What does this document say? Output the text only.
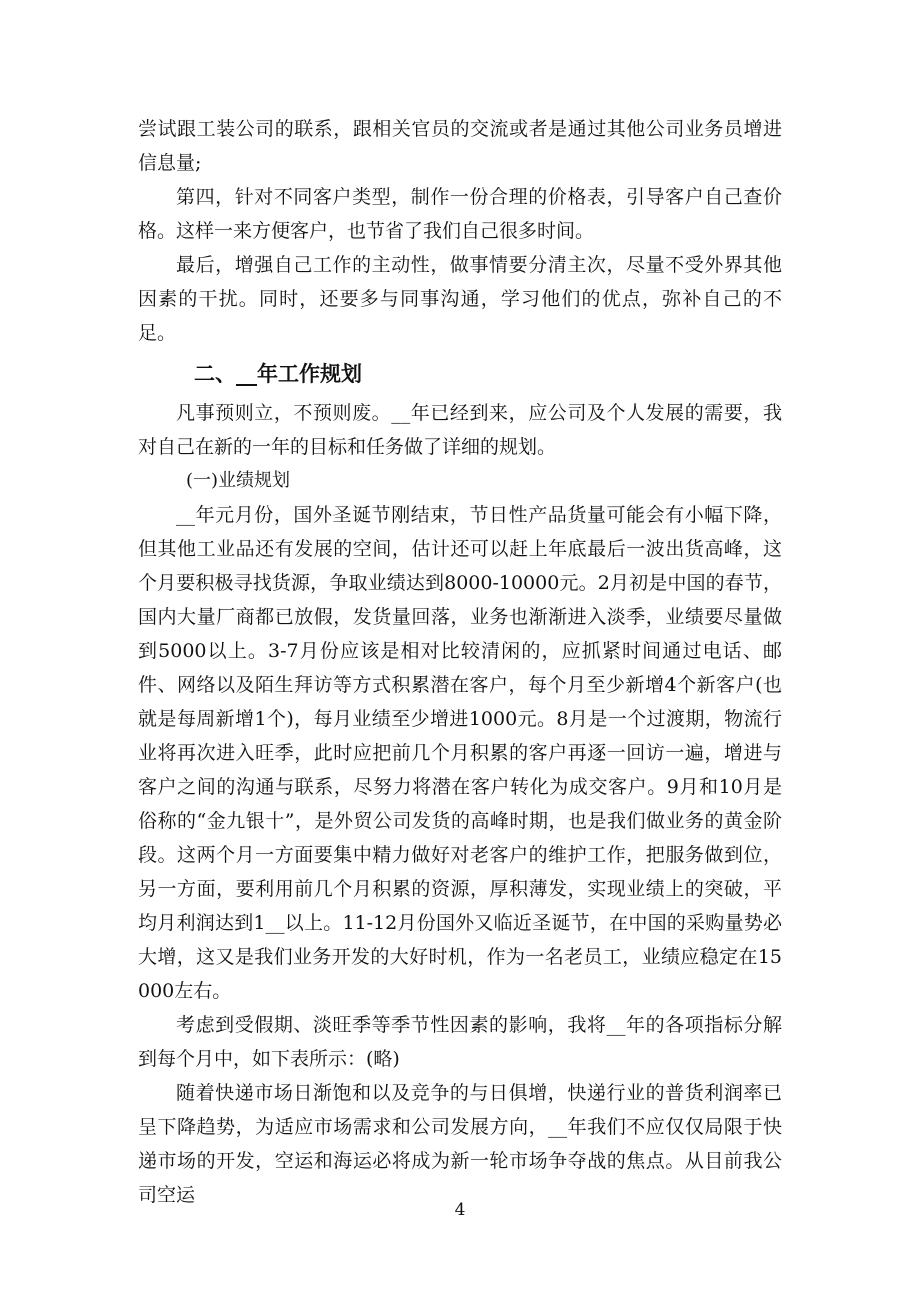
尝试跟工装公司的联系，跟相关官员的交流或者是通过其他公司业务员增进信息量;

第四，针对不同客户类型，制作一份合理的价格表，引导客户自己查价格。这样一来方便客户，也节省了我们自己很多时间。

最后，增强自己工作的主动性，做事情要分清主次，尽量不受外界其他因素的干扰。同时，还要多与同事沟通，学习他们的优点，弥补自己的不足。

二、__年工作规划

凡事预则立，不预则废。__年已经到来，应公司及个人发展的需要，我对自己在新的一年的目标和任务做了详细的规划。

(一)业绩规划

__年元月份，国外圣诞节刚结束，节日性产品货量可能会有小幅下降，但其他工业品还有发展的空间，估计还可以赶上年底最后一波出货高峰，这个月要积极寻找货源，争取业绩达到8000-10000元。2月初是中国的春节，国内大量厂商都已放假，发货量回落，业务也渐渐进入淡季，业绩要尽量做到5000以上。3-7月份应该是相对比较清闲的，应抓紧时间通过电话、邮件、网络以及陌生拜访等方式积累潜在客户，每个月至少新增4个新客户(也就是每周新增1个)，每月业绩至少增进1000元。8月是一个过渡期，物流行业将再次进入旺季，此时应把前几个月积累的客户再逐一回访一遍，增进与客户之间的沟通与联系，尽努力将潜在客户转化为成交客户。9月和10月是俗称的“金九银十”，是外贸公司发货的高峰时期，也是我们做业务的黄金阶段。这两个月一方面要集中精力做好对老客户的维护工作，把服务做到位，另一方面，要利用前几个月积累的资源，厚积薄发，实现业绩上的突破，平均月利润达到1__以上。11-12月份国外又临近圣诞节，在中国的采购量势必大增，这又是我们业务开发的大好时机，作为一名老员工，业绩应稳定在15000左右。

考虑到受假期、淡旺季等季节性因素的影响，我将__年的各项指标分解到每个月中，如下表所示：(略)

随着快递市场日渐饱和以及竞争的与日俱增，快递行业的普货利润率已呈下降趋势，为适应市场需求和公司发展方向，__年我们不应仅仅局限于快递市场的开发，空运和海运必将成为新一轮市场争夺战的焦点。从目前我公司空运

4
